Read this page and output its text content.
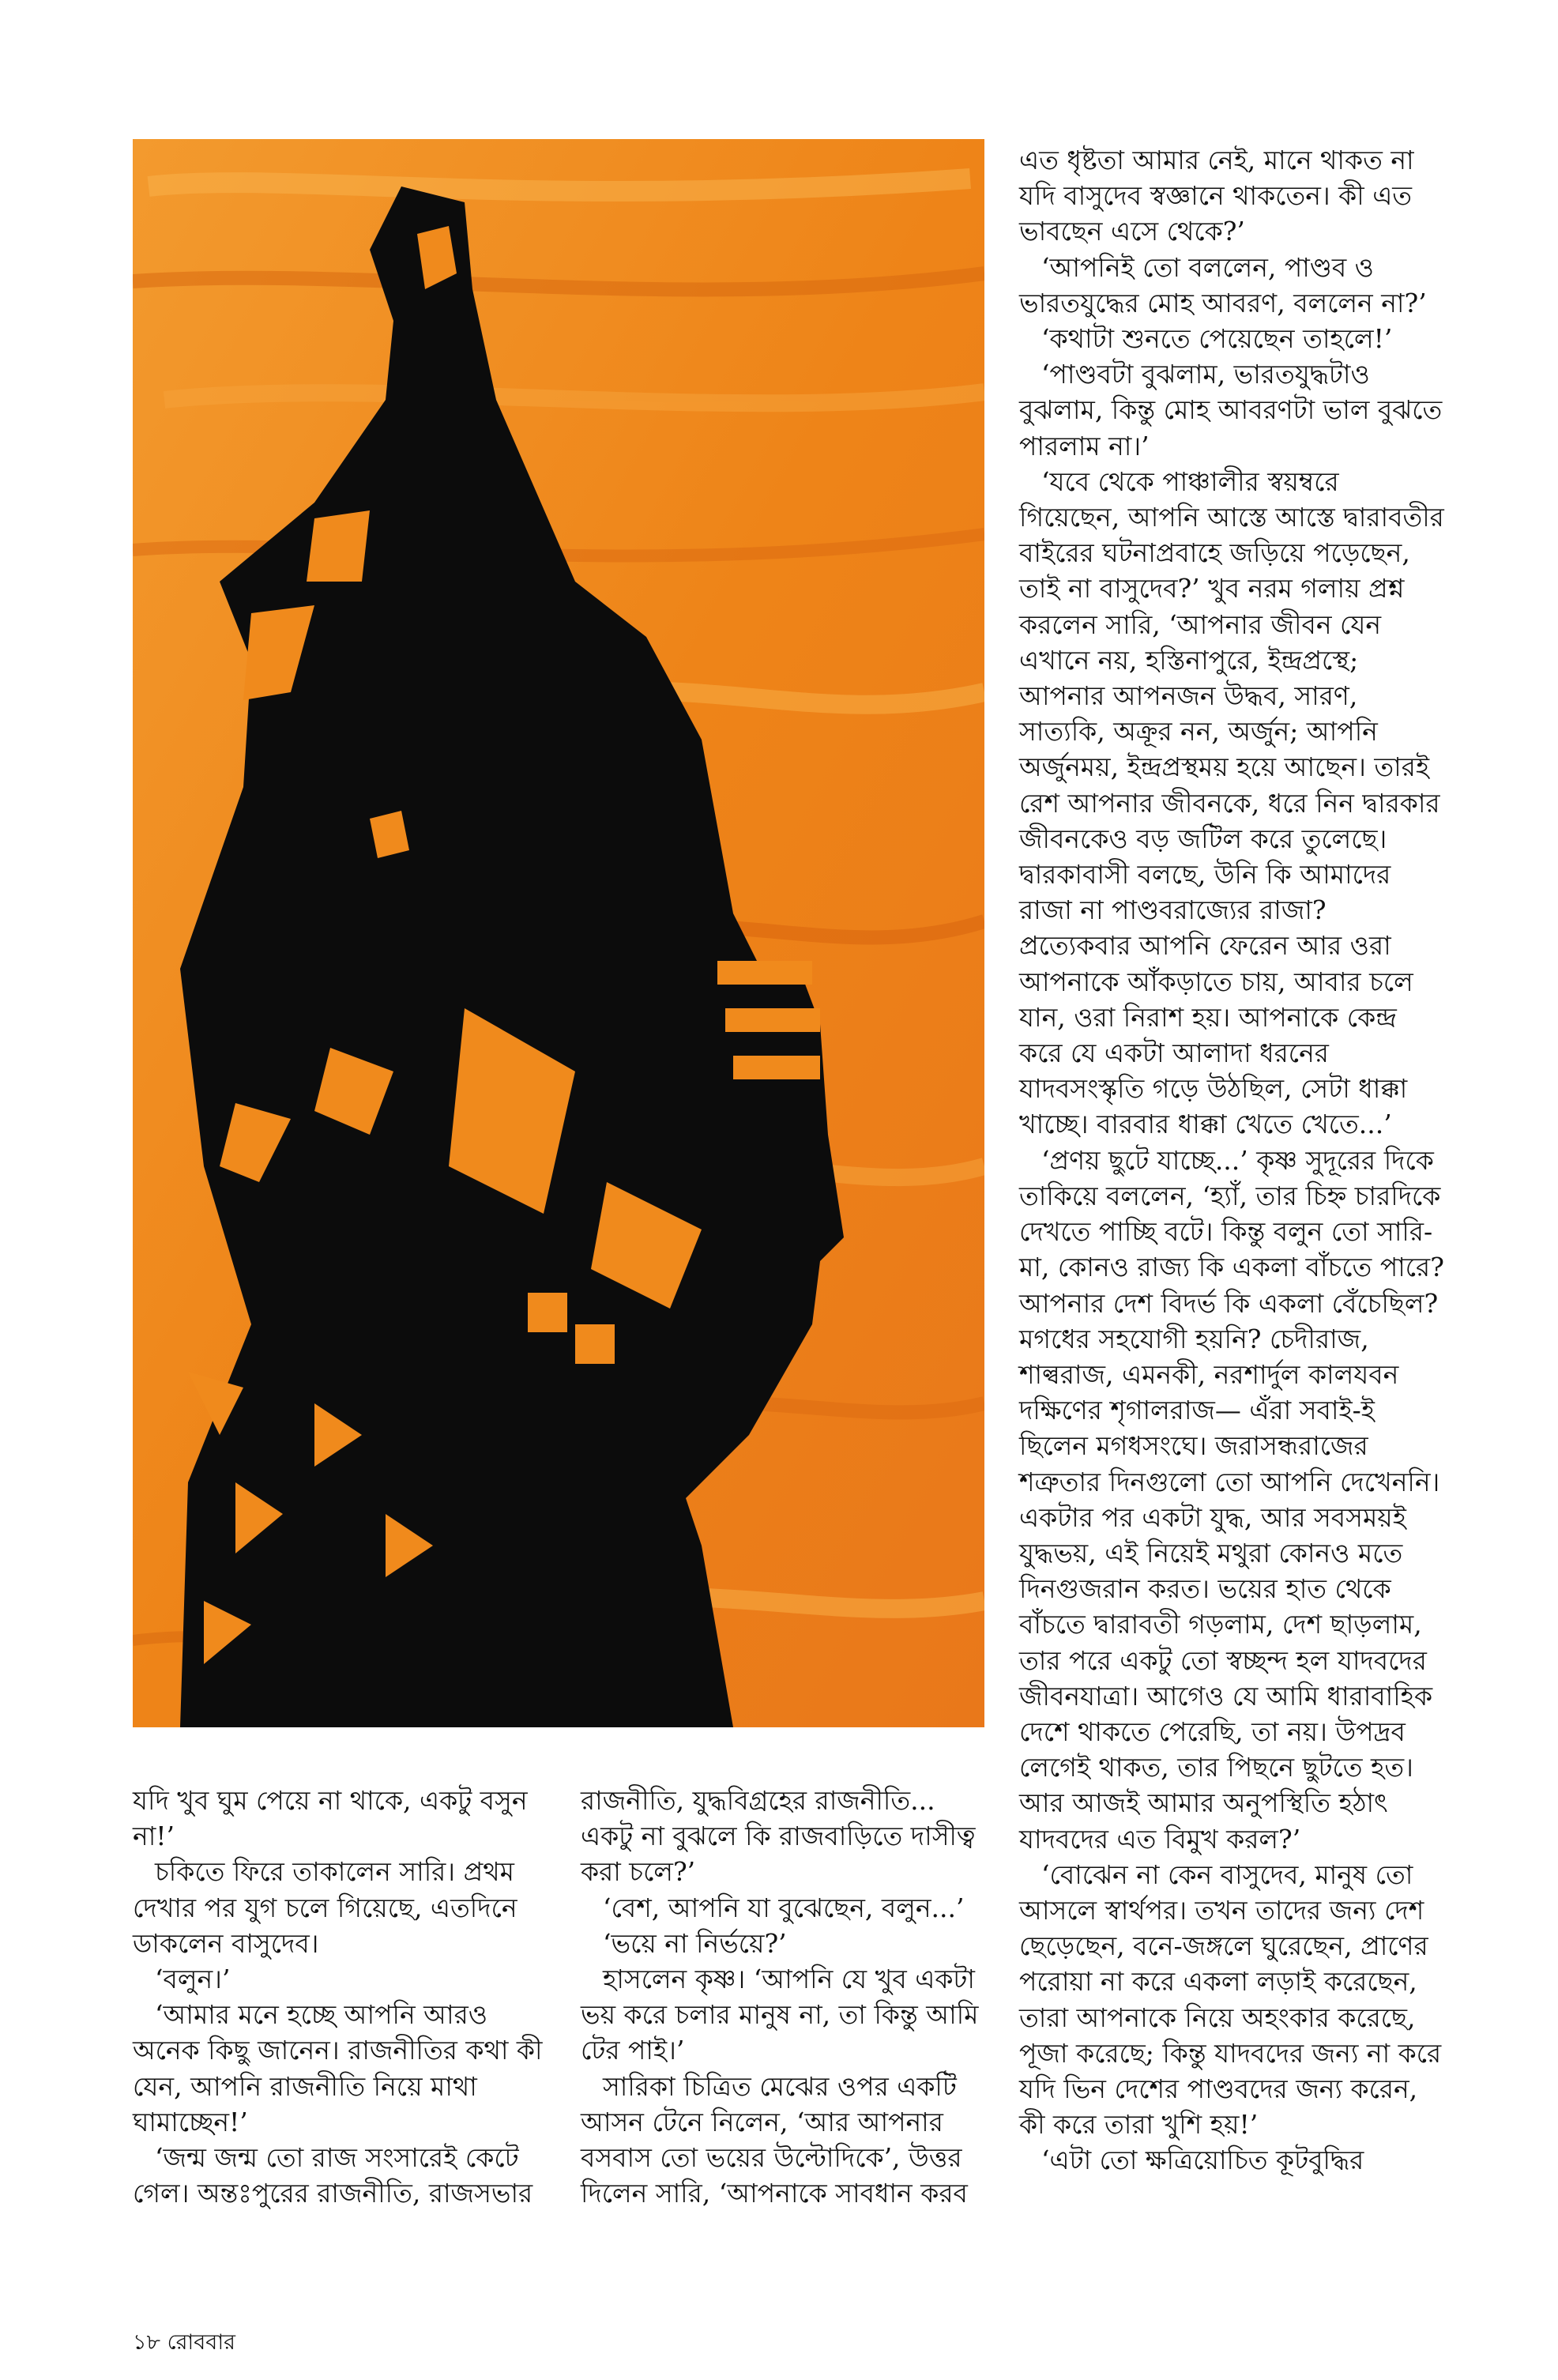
যদি খুব ঘুম পেয়ে না থাকে, একটু বসুন না!’

চকিতে ফিরে তাকালেন সারি। প্রথম দেখার পর যুগ চলে গিয়েছে, এতদিনে ডাকলেন বাসুদেব।

‘বলুন।’

‘আমার মনে হচ্ছে আপনি আরও অনেক কিছু জানেন। রাজনীতির কথা কী যেন, আপনি রাজনীতি নিয়ে মাথা ঘামাচ্ছেন!’

‘জন্ম জন্ম তো রাজ সংসারেই কেটে গেল। অন্তঃপুরের রাজনীতি, রাজসভার

রাজনীতি, যুদ্ধবিগ্রহের রাজনীতি... একটু না বুঝলে কি রাজবাড়িতে দাসীত্ব করা চলে?’

‘বেশ, আপনি যা বুঝেছেন, বলুন...’

‘ভয়ে না নির্ভয়ে?’

হাসলেন কৃষ্ণ। ‘আপনি যে খুব একটা ভয় করে চলার মানুষ না, তা কিন্তু আমি টের পাই।’

সারিকা চিত্রিত মেঝের ওপর একটি আসন টেনে নিলেন, ‘আর আপনার বসবাস তো ভয়ের উল্টোদিকে’, উত্তর দিলেন সারি, ‘আপনাকে সাবধান করব

এত ধৃষ্টতা আমার নেই, মানে থাকত না যদি বাসুদেব স্বজ্ঞানে থাকতেন। কী এত ভাবছেন এসে থেকে?’

‘আপনিই তো বললেন, পাণ্ডব ও ভারতযুদ্ধের মোহ আবরণ, বললেন না?’

‘কথাটা শুনতে পেয়েছেন তাহলে!’

‘পাণ্ডবটা বুঝলাম, ভারতযুদ্ধটাও বুঝলাম, কিন্তু মোহ আবরণটা ভাল বুঝতে পারলাম না।’

‘যবে থেকে পাঞ্চালীর স্বয়ম্বরে গিয়েছেন, আপনি আস্তে আস্তে দ্বারাবতীর বাইরের ঘটনাপ্রবাহে জড়িয়ে পড়েছেন, তাই না বাসুদেব?’ খুব নরম গলায় প্রশ্ন করলেন সারি, ‘আপনার জীবন যেন এখানে নয়, হস্তিনাপুরে, ইন্দ্রপ্রস্থে; আপনার আপনজন উদ্ধব, সারণ, সাত্যকি, অক্রূর নন, অর্জুন; আপনি অর্জুনময়, ইন্দ্রপ্রস্থময় হয়ে আছেন। তারই রেশ আপনার জীবনকে, ধরে নিন দ্বারকার জীবনকেও বড় জটিল করে তুলেছে। দ্বারকাবাসী বলছে, উনি কি আমাদের রাজা না পাণ্ডবরাজ্যের রাজা? প্রত্যেকবার আপনি ফেরেন আর ওরা আপনাকে আঁকড়াতে চায়, আবার চলে যান, ওরা নিরাশ হয়। আপনাকে কেন্দ্র করে যে একটা আলাদা ধরনের যাদবসংস্কৃতি গড়ে উঠছিল, সেটা ধাক্কা খাচ্ছে। বারবার ধাক্কা খেতে খেতে...’

‘প্রণয় ছুটে যাচ্ছে...’ কৃষ্ণ সুদূরের দিকে তাকিয়ে বললেন, ‘হ্যাঁ, তার চিহ্ন চারদিকে দেখতে পাচ্ছি বটে। কিন্তু বলুন তো সারি-মা, কোনও রাজ্য কি একলা বাঁচতে পারে? আপনার দেশ বিদর্ভ কি একলা বেঁচেছিল? মগধের সহযোগী হয়নি? চেদীরাজ, শাল্বরাজ, এমনকী, নরশার্দুল কালযবন দক্ষিণের শৃগালরাজ— এঁরা সবাই-ই ছিলেন মগধসংঘে। জরাসন্ধরাজের শত্রুতার দিনগুলো তো আপনি দেখেননি। একটার পর একটা যুদ্ধ, আর সবসময়ই যুদ্ধভয়, এই নিয়েই মথুরা কোনও মতে দিনগুজরান করত। ভয়ের হাত থেকে বাঁচতে দ্বারাবতী গড়লাম, দেশ ছাড়লাম, তার পরে একটু তো স্বচ্ছন্দ হল যাদবদের জীবনযাত্রা। আগেও যে আমি ধারাবাহিক দেশে থাকতে পেরেছি, তা নয়। উপদ্রব লেগেই থাকত, তার পিছনে ছুটতে হত। আর আজই আমার অনুপস্থিতি হঠাৎ যাদবদের এত বিমুখ করল?’

‘বোঝেন না কেন বাসুদেব, মানুষ তো আসলে স্বার্থপর। তখন তাদের জন্য দেশ ছেড়েছেন, বনে-জঙ্গলে ঘুরেছেন, প্রাণের পরোয়া না করে একলা লড়াই করেছেন, তারা আপনাকে নিয়ে অহংকার করেছে, পূজা করেছে; কিন্তু যাদবদের জন্য না করে যদি ভিন দেশের পাণ্ডবদের জন্য করেন, কী করে তারা খুশি হয়!’

‘এটা তো ক্ষত্রিয়োচিত কূটবুদ্ধির

১৮ রোববার
